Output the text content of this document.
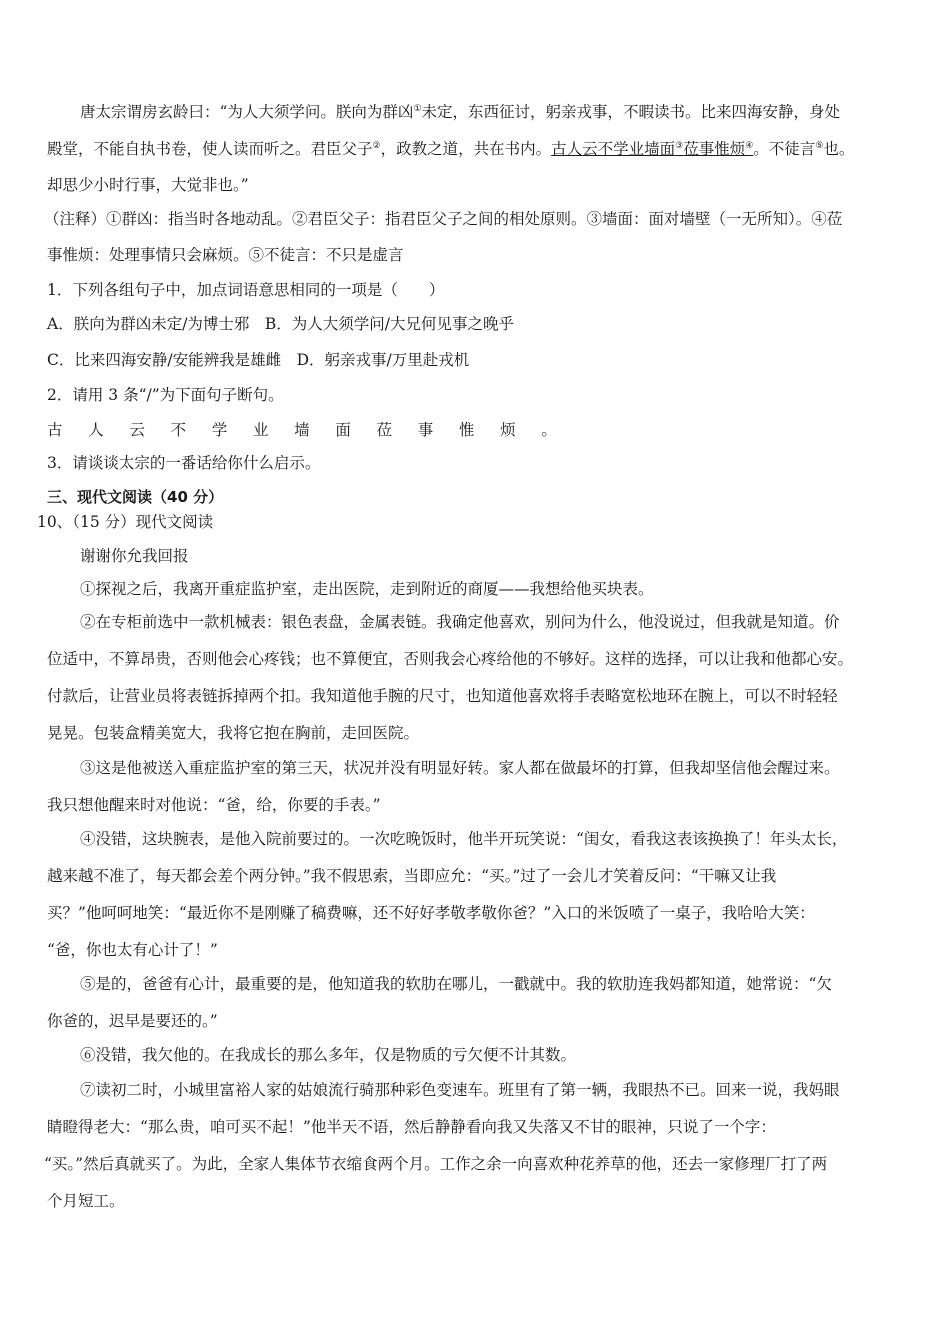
唐太宗谓房玄龄曰：“为人大须学问。朕向为群凶①未定，东西征讨，躬亲戎事，不暇读书。比来四海安静，身处
殿堂，不能自执书卷，使人读而听之。君臣父子②，政教之道，共在书内。古人云不学业墙面③莅事惟烦④。不徒言⑤也。
却思少小时行事，大觉非也。”
（注释）①群凶：指当时各地动乱。②君臣父子：指君臣父子之间的相处原则。③墙面：面对墙壁（一无所知）。④莅
事惟烦：处理事情只会麻烦。⑤不徒言：不只是虚言
1．下列各组句子中，加点词语意思相同的一项是（　　）
A．朕向为群凶未定/为博士邪　B．为人大须学问/大兄何见事之晚乎
C．比来四海安静/安能辨我是雄雌　D．躬亲戎事/万里赴戎机
2．请用 3 条“/”为下面句子断句。
古 人 云 不 学 业 墙 面 莅 事 惟 烦 。
3．请谈谈太宗的一番话给你什么启示。
三、现代文阅读（40 分）
10、（15 分）现代文阅读
谢谢你允我回报
①探视之后，我离开重症监护室，走出医院，走到附近的商厦——我想给他买块表。
②在专柜前选中一款机械表：银色表盘，金属表链。我确定他喜欢，别问为什么，他没说过，但我就是知道。价
位适中，不算昂贵，否则他会心疼钱；也不算便宜，否则我会心疼给他的不够好。这样的选择，可以让我和他都心安。
付款后，让营业员将表链拆掉两个扣。我知道他手腕的尺寸，也知道他喜欢将手表略宽松地环在腕上，可以不时轻轻
晃晃。包装盒精美宽大，我将它抱在胸前，走回医院。
③这是他被送入重症监护室的第三天，状况并没有明显好转。家人都在做最坏的打算，但我却坚信他会醒过来。
我只想他醒来时对他说：“爸，给，你要的手表。”
④没错，这块腕表，是他入院前要过的。一次吃晚饭时，他半开玩笑说：“闺女，看我这表该换换了！年头太长，
越来越不准了，每天都会差个两分钟。”我不假思索，当即应允：“买。”过了一会儿才笑着反问：“干嘛又让我
买？”他呵呵地笑：“最近你不是刚赚了稿费嘛，还不好好孝敬孝敬你爸？”入口的米饭喷了一桌子，我哈哈大笑：
“爸，你也太有心计了！”
⑤是的，爸爸有心计，最重要的是，他知道我的软肋在哪儿，一戳就中。我的软肋连我妈都知道，她常说：“欠
你爸的，迟早是要还的。”
⑥没错，我欠他的。在我成长的那么多年，仅是物质的亏欠便不计其数。
⑦读初二时，小城里富裕人家的姑娘流行骑那种彩色变速车。班里有了第一辆，我眼热不已。回来一说，我妈眼
睛瞪得老大：“那么贵，咱可买不起！”他半天不语，然后静静看向我又失落又不甘的眼神，只说了一个字：
“买。”然后真就买了。为此，全家人集体节衣缩食两个月。工作之余一向喜欢种花养草的他，还去一家修理厂打了两
个月短工。
